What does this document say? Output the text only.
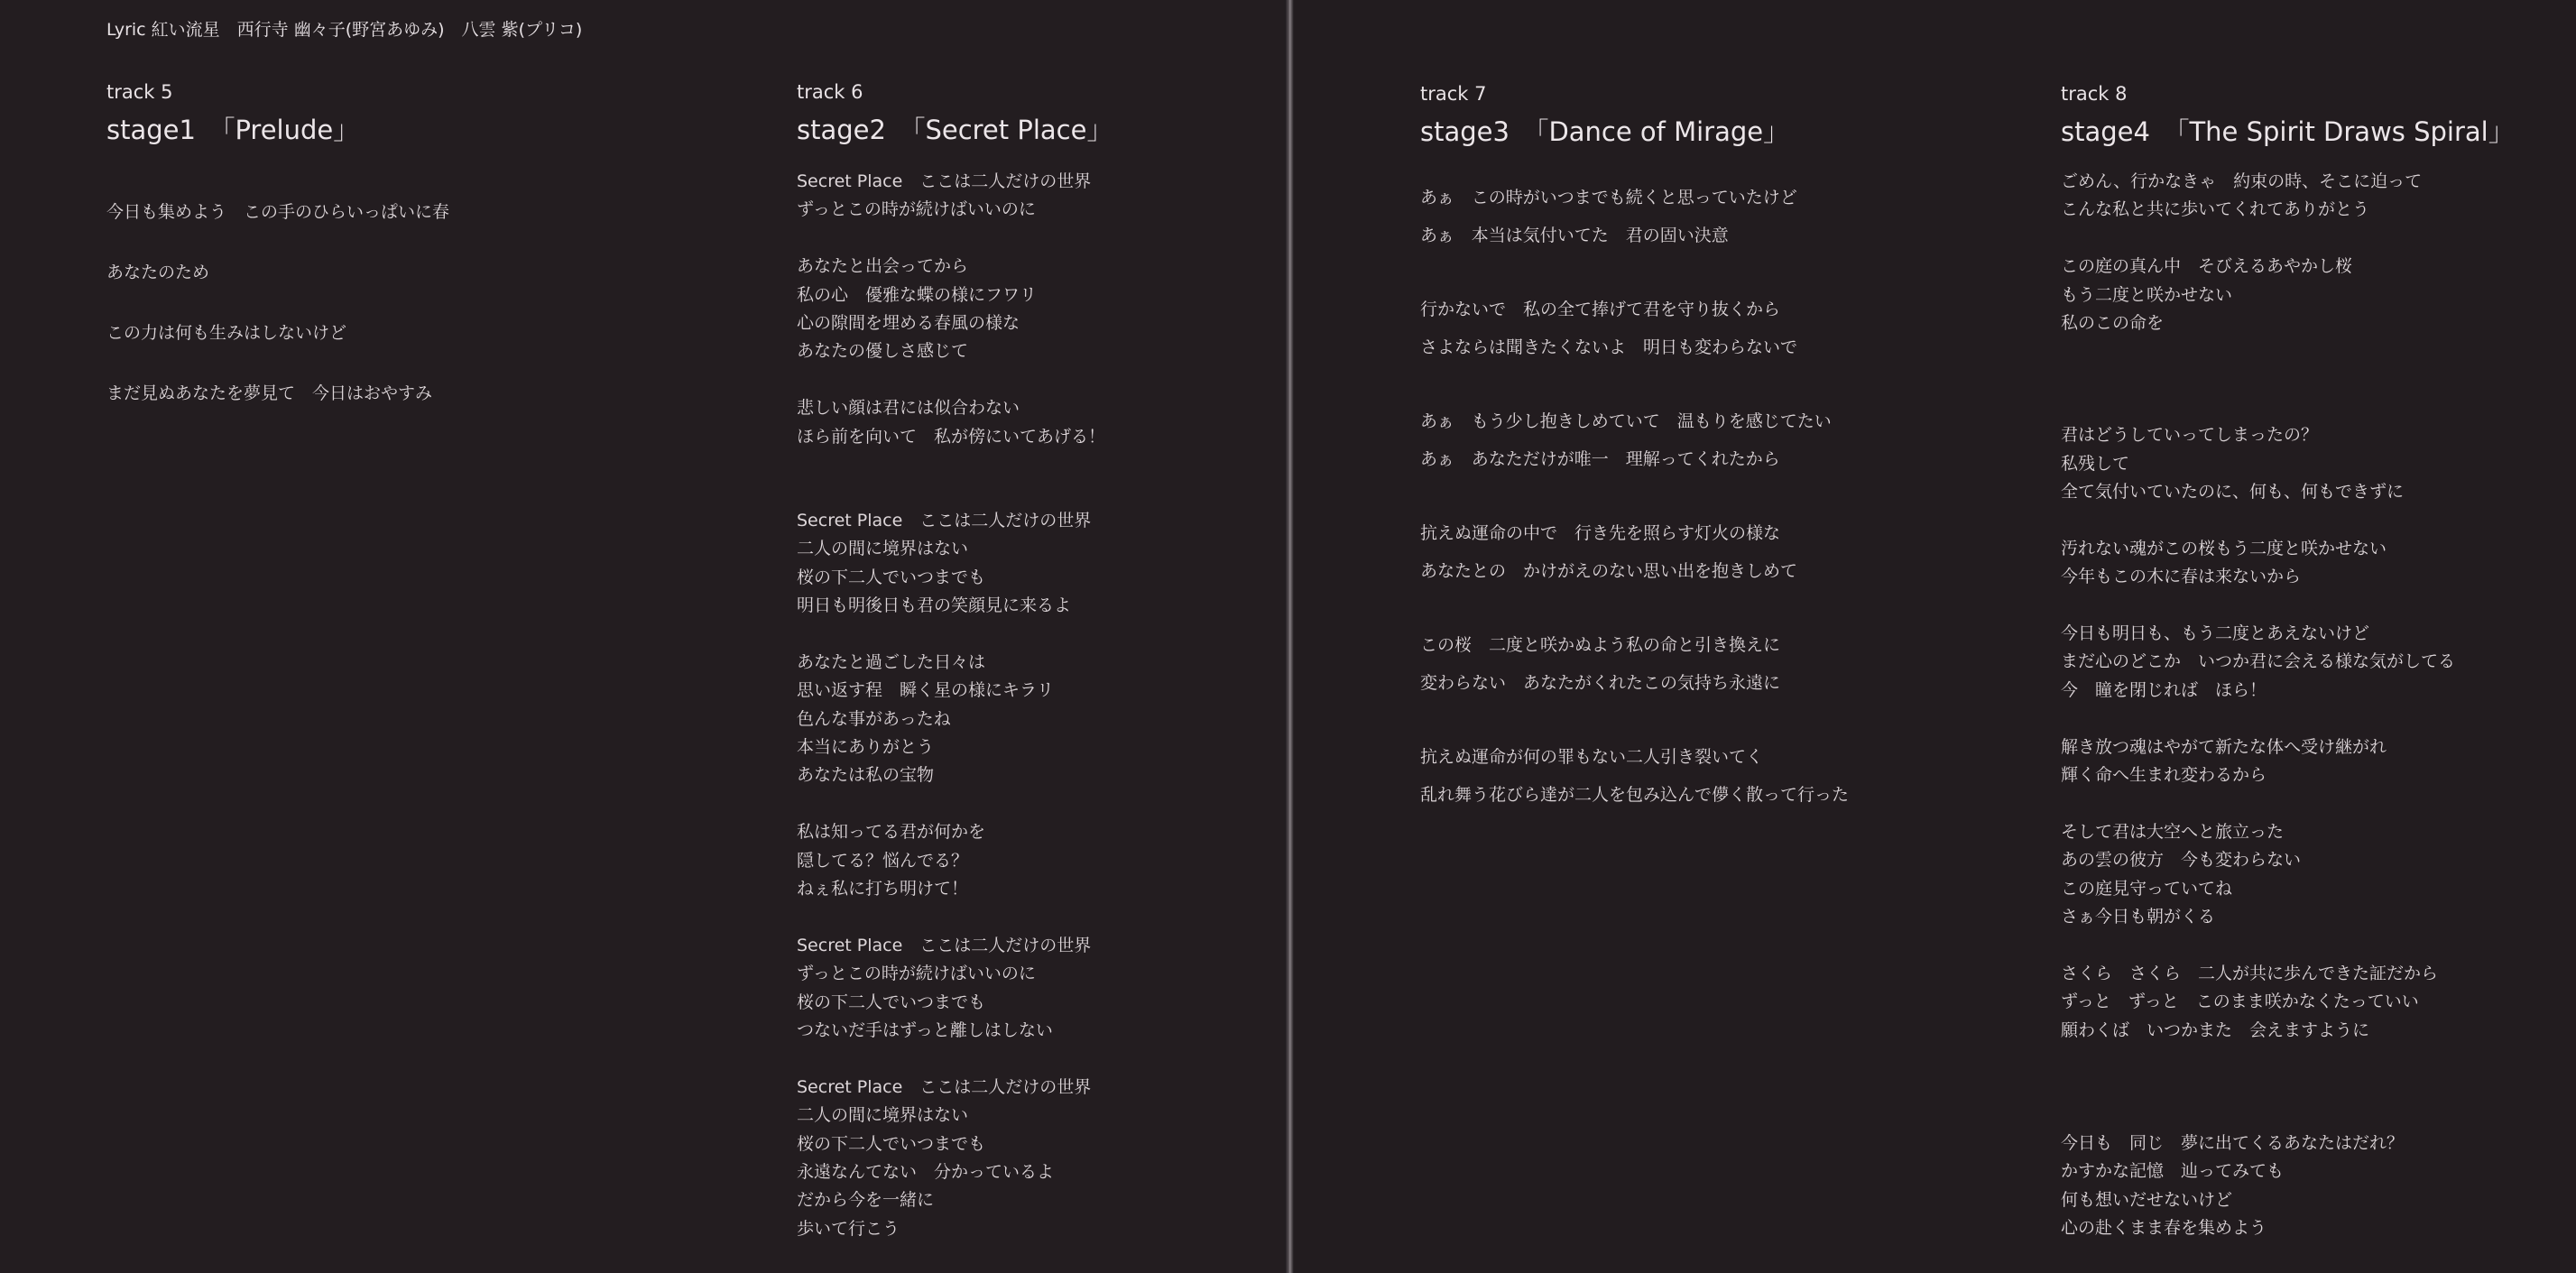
Lyric 紅い流星　西行寺 幽々子(野宮あゆみ)　八雲 紫(プリコ)
track 5
stage1　「Prelude」
今日も集めよう　この手のひらいっぱいに春
あなたのため
この力は何も生みはしないけど
まだ見ぬあなたを夢見て　今日はおやすみ
track 6
stage2　「Secret Place」
Secret Place　ここは二人だけの世界
ずっとこの時が続けばいいのに
あなたと出会ってから
私の心　優雅な蝶の様にフワリ
心の隙間を埋める春風の様な
あなたの優しさ感じて
悲しい顔は君には似合わない
ほら前を向いて　私が傍にいてあげる！
Secret Place　ここは二人だけの世界
二人の間に境界はない
桜の下二人でいつまでも
明日も明後日も君の笑顔見に来るよ
あなたと過ごした日々は
思い返す程　瞬く星の様にキラリ
色んな事があったね
本当にありがとう
あなたは私の宝物
私は知ってる君が何かを
隠してる？悩んでる？
ねぇ私に打ち明けて！
Secret Place　ここは二人だけの世界
ずっとこの時が続けばいいのに
桜の下二人でいつまでも
つないだ手はずっと離しはしない
Secret Place　ここは二人だけの世界
二人の間に境界はない
桜の下二人でいつまでも
永遠なんてない　分かっているよ
だから今を一緒に
歩いて行こう
track 7
stage3　「Dance of Mirage」
あぁ　この時がいつまでも続くと思っていたけど
あぁ　本当は気付いてた　君の固い決意
行かないで　私の全て捧げて君を守り抜くから
さよならは聞きたくないよ　明日も変わらないで
あぁ　もう少し抱きしめていて　温もりを感じてたい
あぁ　あなただけが唯一　理解ってくれたから
抗えぬ運命の中で　行き先を照らす灯火の様な
あなたとの　かけがえのない思い出を抱きしめて
この桜　二度と咲かぬよう私の命と引き換えに
変わらない　あなたがくれたこの気持ち永遠に
抗えぬ運命が何の罪もない二人引き裂いてく
乱れ舞う花びら達が二人を包み込んで儚く散って行った
track 8
stage4　「The Spirit Draws Spiral」
ごめん、行かなきゃ　約束の時、そこに迫って
こんな私と共に歩いてくれてありがとう
この庭の真ん中　そびえるあやかし桜
もう二度と咲かせない
私のこの命を
君はどうしていってしまったの？
私残して
全て気付いていたのに、何も、何もできずに
汚れない魂がこの桜もう二度と咲かせない
今年もこの木に春は来ないから
今日も明日も、もう二度とあえないけど
まだ心のどこか　いつか君に会える様な気がしてる
今　瞳を閉じれば　ほら！
解き放つ魂はやがて新たな体へ受け継がれ
輝く命へ生まれ変わるから
そして君は大空へと旅立った
あの雲の彼方　今も変わらない
この庭見守っていてね
さぁ今日も朝がくる
さくら　さくら　二人が共に歩んできた証だから
ずっと　ずっと　このまま咲かなくたっていい
願わくば　いつかまた　会えますように
今日も　同じ　夢に出てくるあなたはだれ？
かすかな記憶　辿ってみても
何も想いだせないけど
心の赴くまま春を集めよう
